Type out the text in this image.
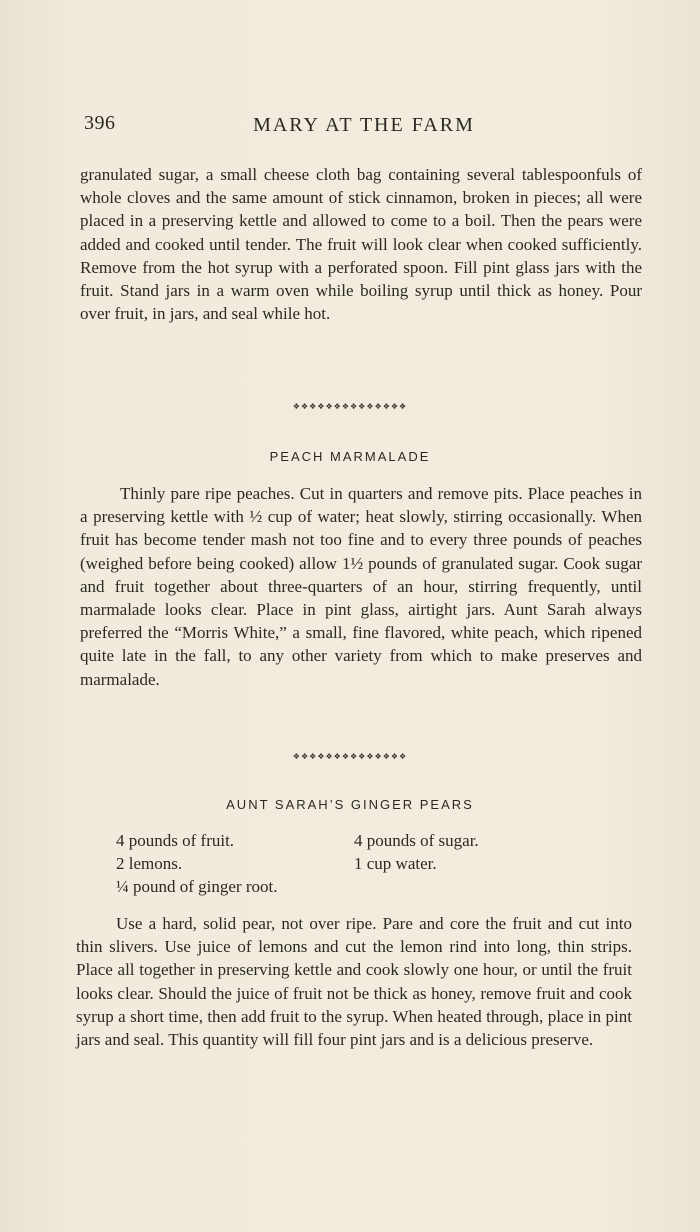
396	MARY AT THE FARM

granulated sugar, a small cheese cloth bag containing several tablespoonfuls of whole cloves and the same amount of stick cinnamon, broken in pieces; all were placed in a preserving kettle and allowed to come to a boil. Then the pears were added and cooked until tender. The fruit will look clear when cooked sufficiently. Remove from the hot syrup with a perforated spoon. Fill pint glass jars with the fruit. Stand jars in a warm oven while boiling syrup until thick as honey. Pour over fruit, in jars, and seal while hot.

❖❖❖❖❖❖❖❖❖❖❖❖❖❖
PEACH MARMALADE

Thinly pare ripe peaches. Cut in quarters and remove pits. Place peaches in a preserving kettle with ½ cup of water; heat slowly, stirring occasionally. When fruit has become tender mash not too fine and to every three pounds of peaches (weighed before being cooked) allow 1½ pounds of granulated sugar. Cook sugar and fruit together about three-quarters of an hour, stirring frequently, until marmalade looks clear. Place in pint glass, airtight jars. Aunt Sarah always preferred the “Morris White,” a small, fine flavored, white peach, which ripened quite late in the fall, to any other variety from which to make preserves and marmalade.

❖❖❖❖❖❖❖❖❖❖❖❖❖❖
AUNT SARAH’S GINGER PEARS
4 pounds of fruit.
2 lemons.
¼ pound of ginger root.
4 pounds of sugar.
1 cup water.

Use a hard, solid pear, not over ripe. Pare and core the fruit and cut into thin slivers. Use juice of lemons and cut the lemon rind into long, thin strips. Place all together in preserving kettle and cook slowly one hour, or until the fruit looks clear. Should the juice of fruit not be thick as honey, remove fruit and cook syrup a short time, then add fruit to the syrup. When heated through, place in pint jars and seal. This quantity will fill four pint jars and is a delicious preserve.
